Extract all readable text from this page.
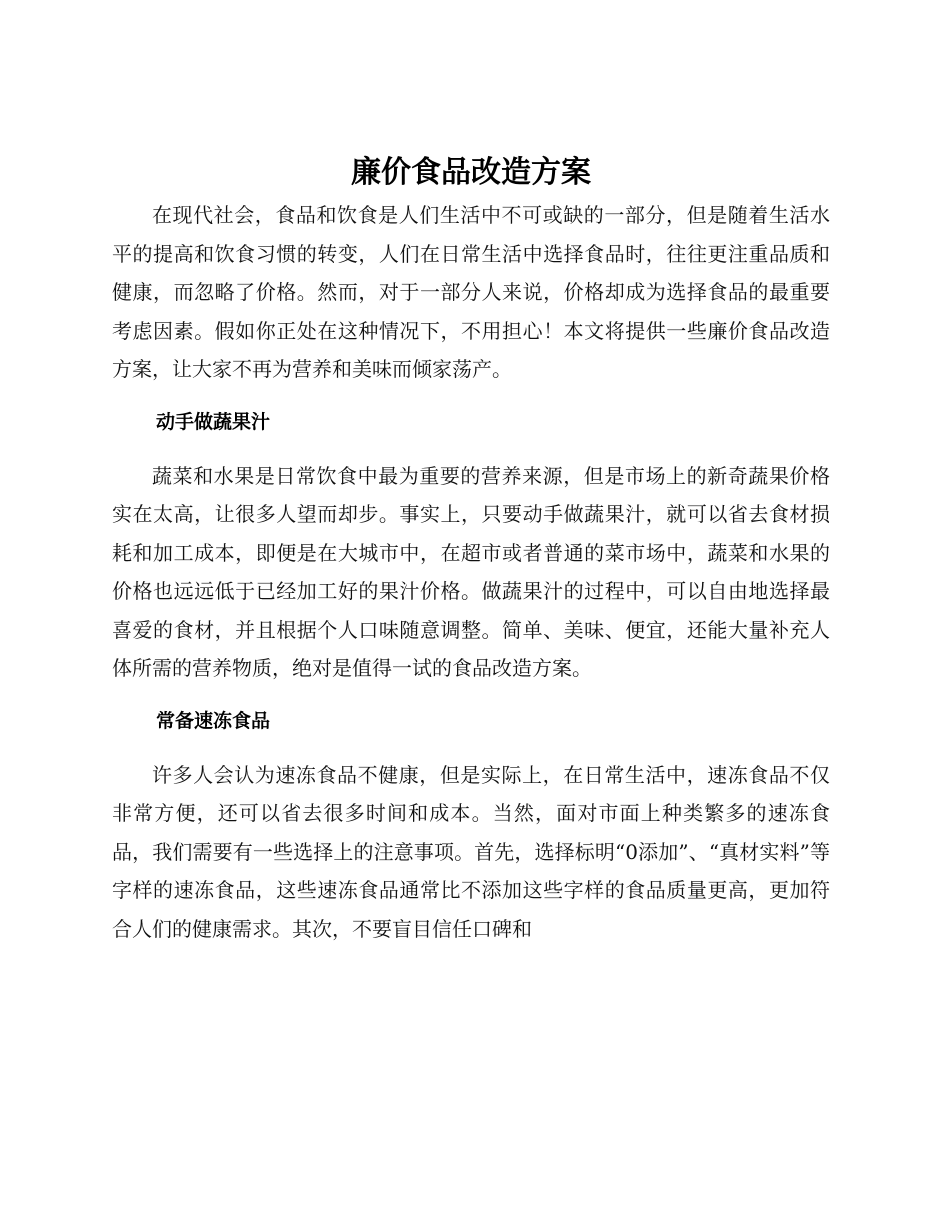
廉价食品改造方案

在现代社会，食品和饮食是人们生活中不可或缺的一部分，但是随着生活水平的提高和饮食习惯的转变，人们在日常生活中选择食品时，往往更注重品质和健康，而忽略了价格。然而，对于一部分人来说，价格却成为选择食品的最重要考虑因素。假如你正处在这种情况下，不用担心！本文将提供一些廉价食品改造方案，让大家不再为营养和美味而倾家荡产。

动手做蔬果汁

蔬菜和水果是日常饮食中最为重要的营养来源，但是市场上的新奇蔬果价格实在太高，让很多人望而却步。事实上，只要动手做蔬果汁，就可以省去食材损耗和加工成本，即便是在大城市中，在超市或者普通的菜市场中，蔬菜和水果的价格也远远低于已经加工好的果汁价格。做蔬果汁的过程中，可以自由地选择最喜爱的食材，并且根据个人口味随意调整。简单、美味、便宜，还能大量补充人体所需的营养物质，绝对是值得一试的食品改造方案。

常备速冻食品

许多人会认为速冻食品不健康，但是实际上，在日常生活中，速冻食品不仅非常方便，还可以省去很多时间和成本。当然，面对市面上种类繁多的速冻食品，我们需要有一些选择上的注意事项。首先，选择标明“0添加”、“真材实料”等字样的速冻食品，这些速冻食品通常比不添加这些字样的食品质量更高，更加符合人们的健康需求。其次，不要盲目信任口碑和
